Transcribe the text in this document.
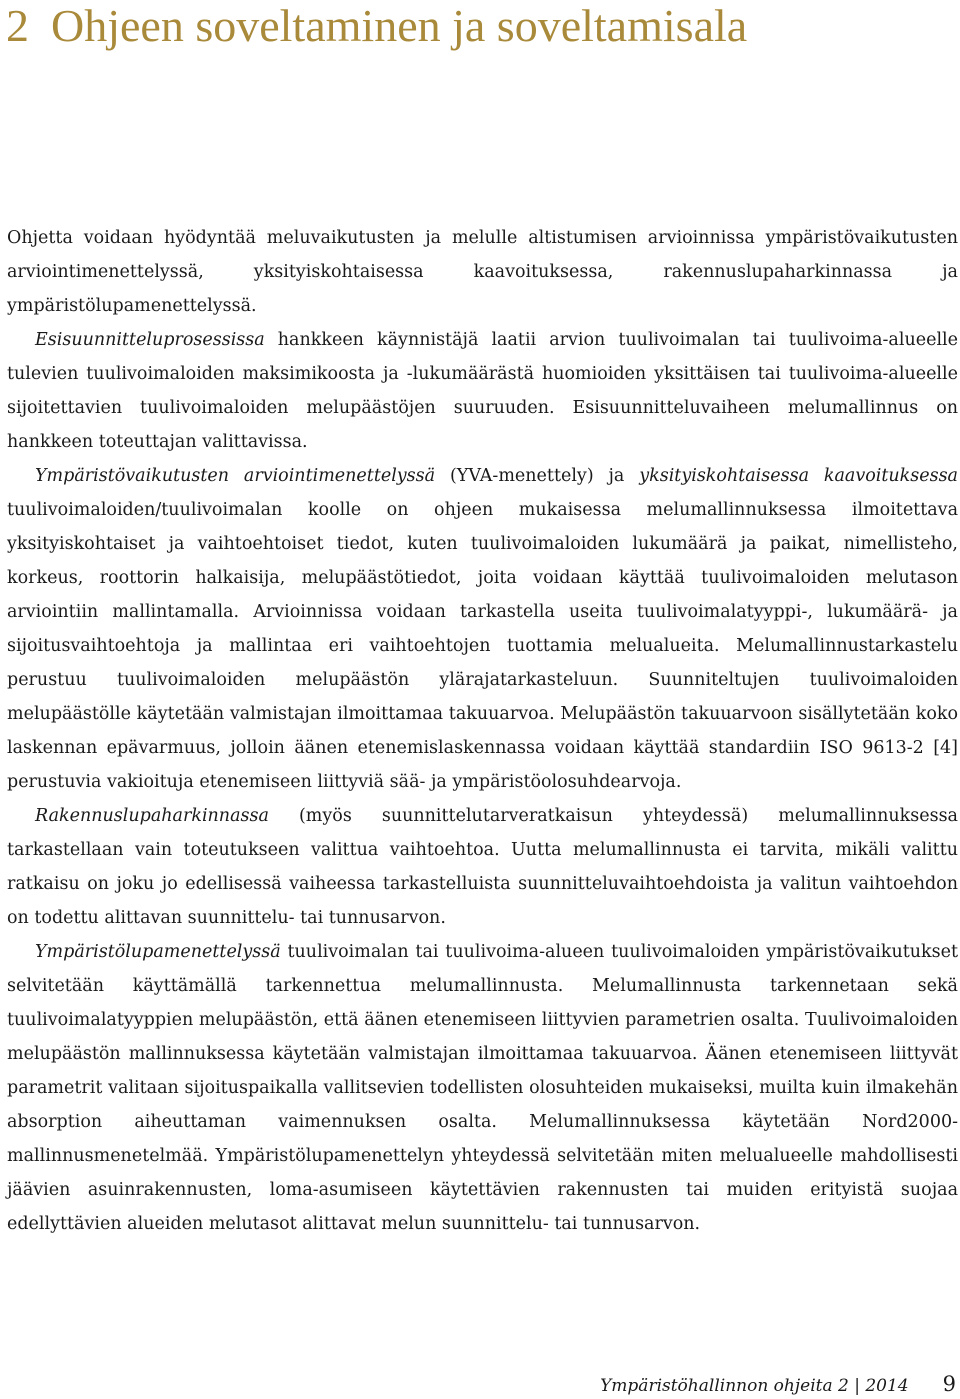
2 Ohjeen soveltaminen ja soveltamisala

Ohjetta voidaan hyödyntää meluvaikutusten ja melulle altistumisen arvioinnissa ympäristövaikutusten arviointimenettelyssä, yksityiskohtaisessa kaavoituksessa, rakennuslupaharkinnassa ja ympäristölupamenettelyssä.

Esisuunnitteluprosessissa hankkeen käynnistäjä laatii arvion tuulivoimalan tai tuulivoima-alueelle tulevien tuulivoimaloiden maksimikoosta ja -lukumäärästä huomioiden yksittäisen tai tuulivoima-alueelle sijoitettavien tuulivoimaloiden melupäästöjen suuruuden. Esisuunnitteluvaiheen melumallinnus on hankkeen toteuttajan valittavissa.

Ympäristövaikutusten arviointimenettelyssä (YVA-menettely) ja yksityiskohtaisessa kaavoituksessa tuulivoimaloiden/tuulivoimalan koolle on ohjeen mukaisessa melumallinnuksessa ilmoitettava yksityiskohtaiset ja vaihtoehtoiset tiedot, kuten tuulivoimaloiden lukumäärä ja paikat, nimellisteho, korkeus, roottorin halkaisija, melupäästötiedot, joita voidaan käyttää tuulivoimaloiden melutason arviointiin mallintamalla. Arvioinnissa voidaan tarkastella useita tuulivoimalatyyppi-, lukumäärä- ja sijoitusvaihtoehtoja ja mallintaa eri vaihtoehtojen tuottamia melualueita. Melumallinnustarkastelu perustuu tuulivoimaloiden melupäästön ylärajatarkasteluun. Suunniteltujen tuulivoimaloiden melupäästölle käytetään valmistajan ilmoittamaa takuuarvoa. Melupäästön takuuarvoon sisällytetään koko laskennan epävarmuus, jolloin äänen etenemislaskennassa voidaan käyttää standardiin ISO 9613-2 [4] perustuvia vakioituja etenemiseen liittyviä sää- ja ympäristöolosuhdearvoja.

Rakennuslupaharkinnassa (myös suunnittelutarveratkaisun yhteydessä) melumallinnuksessa tarkastellaan vain toteutukseen valittua vaihtoehtoa. Uutta melumallinnusta ei tarvita, mikäli valittu ratkaisu on joku jo edellisessä vaiheessa tarkastelluista suunnitteluvaihtoehdoista ja valitun vaihtoehdon on todettu alittavan suunnittelu- tai tunnusarvon.

Ympäristölupamenettelyssä tuulivoimalan tai tuulivoima-alueen tuulivoimaloiden ympäristövaikutukset selvitetään käyttämällä tarkennettua melumallinnusta. Melumallinnusta tarkennetaan sekä tuulivoimalatyyppien melupäästön, että äänen etenemiseen liittyvien parametrien osalta. Tuulivoimaloiden melupäästön mallinnuksessa käytetään valmistajan ilmoittamaa takuuarvoa. Äänen etenemiseen liittyvät parametrit valitaan sijoituspaikalla vallitsevien todellisten olosuhteiden mukaiseksi, muilta kuin ilmakehän absorption aiheuttaman vaimennuksen osalta. Melumallinnuksessa käytetään Nord2000-mallinnusmenetelmää. Ympäristölupamenettelyn yhteydessä selvitetään miten melualueelle mahdollisesti jäävien asuinrakennusten, loma-asumiseen käytettävien rakennusten tai muiden erityistä suojaa edellyttävien alueiden melutasot alittavat melun suunnittelu- tai tunnusarvon.

Ympäristöhallinnon ohjeita 2 | 2014 9
